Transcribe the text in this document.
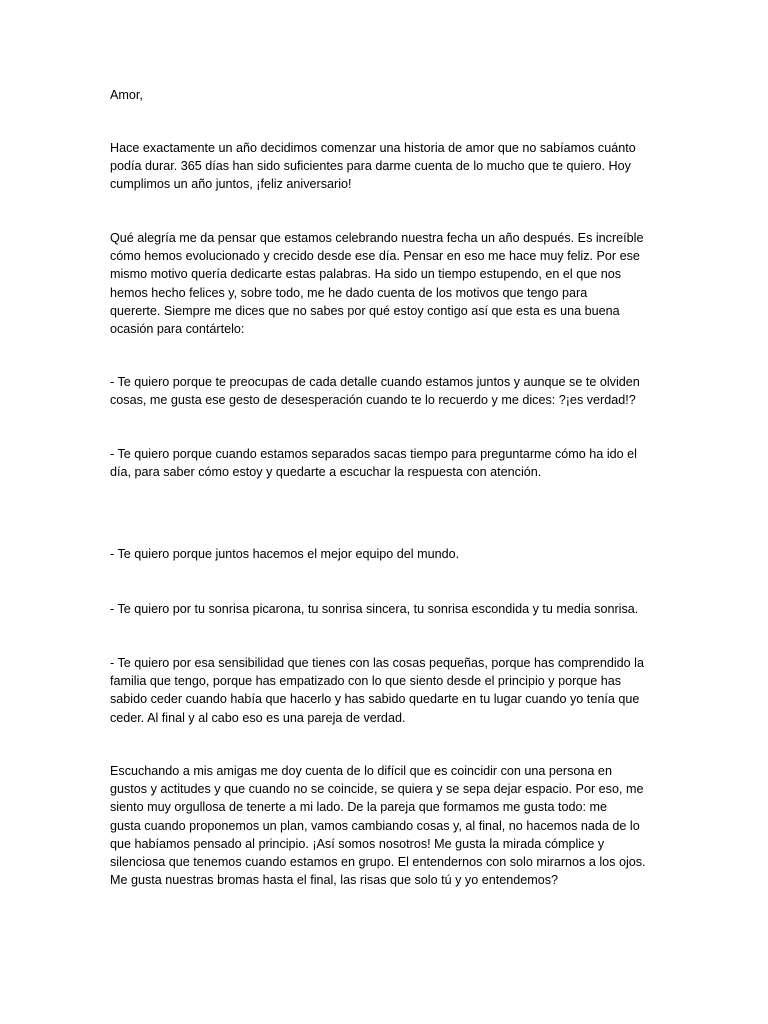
Amor,

Hace exactamente un año decidimos comenzar una historia de amor que no sabíamos cuánto
podía durar. 365 días han sido suficientes para darme cuenta de lo mucho que te quiero. Hoy
cumplimos un año juntos, ¡feliz aniversario!

Qué alegría me da pensar que estamos celebrando nuestra fecha un año después. Es increíble
cómo hemos evolucionado y crecido desde ese día. Pensar en eso me hace muy feliz. Por ese
mismo motivo quería dedicarte estas palabras. Ha sido un tiempo estupendo, en el que nos
hemos hecho felices y, sobre todo, me he dado cuenta de los motivos que tengo para
quererte. Siempre me dices que no sabes por qué estoy contigo así que esta es una buena
ocasión para contártelo:

- Te quiero porque te preocupas de cada detalle cuando estamos juntos y aunque se te olviden
cosas, me gusta ese gesto de desesperación cuando te lo recuerdo y me dices: ?¡es verdad!?

- Te quiero porque cuando estamos separados sacas tiempo para preguntarme cómo ha ido el
día, para saber cómo estoy y quedarte a escuchar la respuesta con atención.

- Te quiero porque juntos hacemos el mejor equipo del mundo.

- Te quiero por tu sonrisa picarona, tu sonrisa sincera, tu sonrisa escondida y tu media sonrisa.

- Te quiero por esa sensibilidad que tienes con las cosas pequeñas, porque has comprendido la
familia que tengo, porque has empatizado con lo que siento desde el principio y porque has
sabido ceder cuando había que hacerlo y has sabido quedarte en tu lugar cuando yo tenía que
ceder. Al final y al cabo eso es una pareja de verdad.

Escuchando a mis amigas me doy cuenta de lo difícil que es coincidir con una persona en
gustos y actitudes y que cuando no se coincide, se quiera y se sepa dejar espacio. Por eso, me
siento muy orgullosa de tenerte a mi lado. De la pareja que formamos me gusta todo: me
gusta cuando proponemos un plan, vamos cambiando cosas y, al final, no hacemos nada de lo
que habíamos pensado al principio. ¡Así somos nosotros! Me gusta la mirada cómplice y
silenciosa que tenemos cuando estamos en grupo. El entendernos con solo mirarnos a los ojos.
Me gusta nuestras bromas hasta el final, las risas que solo tú y yo entendemos?
